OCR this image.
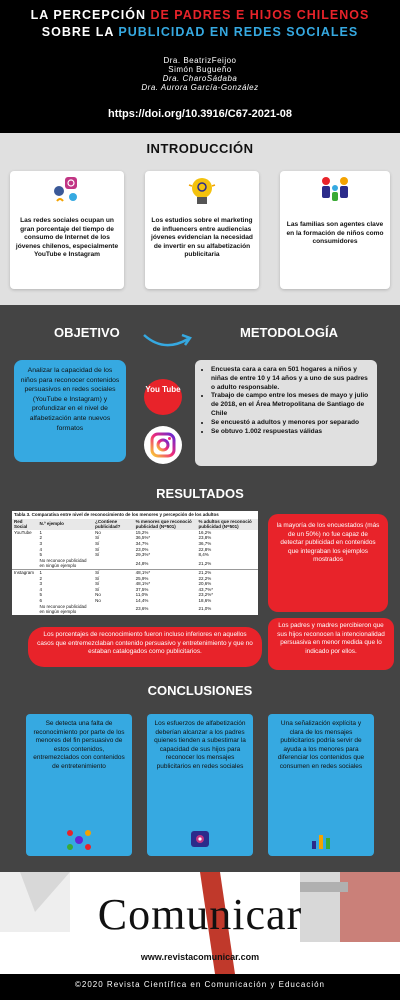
LA PERCEPCIÓN DE PADRES E HIJOS CHILENOS
SOBRE LA PUBLICIDAD EN REDES SOCIALES
Dra. BeatrizFeijoo
Simón Bugueño
Dra. CharoSádaba
Dra. Aurora García-González
https://doi.org/10.3916/C67-2021-08
INTRODUCCIÓN
Las redes sociales ocupan un gran porcentaje del tiempo de consumo de Internet de los jóvenes chilenos, especialmente YouTube e Instagram
Los estudios sobre el marketing de influencers entre audiencias jóvenes evidencian la necesidad de invertir en su alfabetización publicitaria
Las familias son agentes clave en la formación de niños como consumidores
OBJETIVO	METODOLOGÍA
Analizar la capacidad de los niños para reconocer contenidos persuasivos en redes sociales (YouTube e Instagram) y profundizar en el nivel de alfabetización ante nuevos formatos
You Tube
• Encuesta cara a cara en 501 hogares a niños y niñas de entre 10 y 14 años y a uno de sus padres o adulto responsable.
• Trabajo de campo entre los meses de mayo y julio de 2018, en el Área Metropolitana de Santiago de Chile
• Se encuestó a adultos y menores por separado
• Se obtuvo 1.002 respuestas válidas
RESULTADOS
Tabla 3. Comparativa entre nivel de reconocimiento de los menores y percepción de los adultos
Red Social	N.º ejemplo	¿Contiene publicidad?	% menores que reconoció publicidad (N=501)	% adultos que reconoció publicidad (N=501)
YouTube	1	No	15,2%	16,2%
	2	Sí	36,5%*	23,8%
	3	Sí	34,7%	36,7%
	4	Sí	23,0%	22,8%
	5	Sí	29,3%*	8,4%
	No reconoce publicidad en ningún ejemplo		24,8%	21,2%
Instagram	1	Sí	48,1%*	21,2%
	2	Sí	25,9%	22,2%
	3	Sí	48,1%*	20,6%
	4	Sí	37,5%	43,7%*
	5	No	11,0%	23,2%*
	6	No	14,4%	18,6%
	No reconoce publicidad en ningún ejemplo		23,6%	21,0%
la mayoría de los encuestados (más de un 50%) no fue capaz de detectar publicidad en contenidos que integraban los ejemplos mostrados
Los porcentajes de reconocimiento fueron incluso inferiores en aquellos casos que entremezclaban contenido persuasivo y entretenimiento y que no estaban catalogados como publicitarios.
Los padres y madres percibieron que sus hijos reconocen la intencionalidad persuasiva en menor medida que lo indicado por ellos.
CONCLUSIONES
Se detecta una falta de reconocimiento por parte de los menores del fin persuasivo de estos contenidos, entremezclados con contenidos de entretenimiento
Los esfuerzos de alfabetización deberían alcanzar a los padres quienes tienden a subestimar la capacidad de sus hijos para reconocer los mensajes publicitarios en redes sociales
Una señalización explícita y clara de los mensajes publicitarios podría servir de ayuda a los menores para diferenciar los contenidos que consumen en redes sociales
Comunicar
www.revistacomunicar.com
©2020 Revista Científica en Comunicación y Educación
